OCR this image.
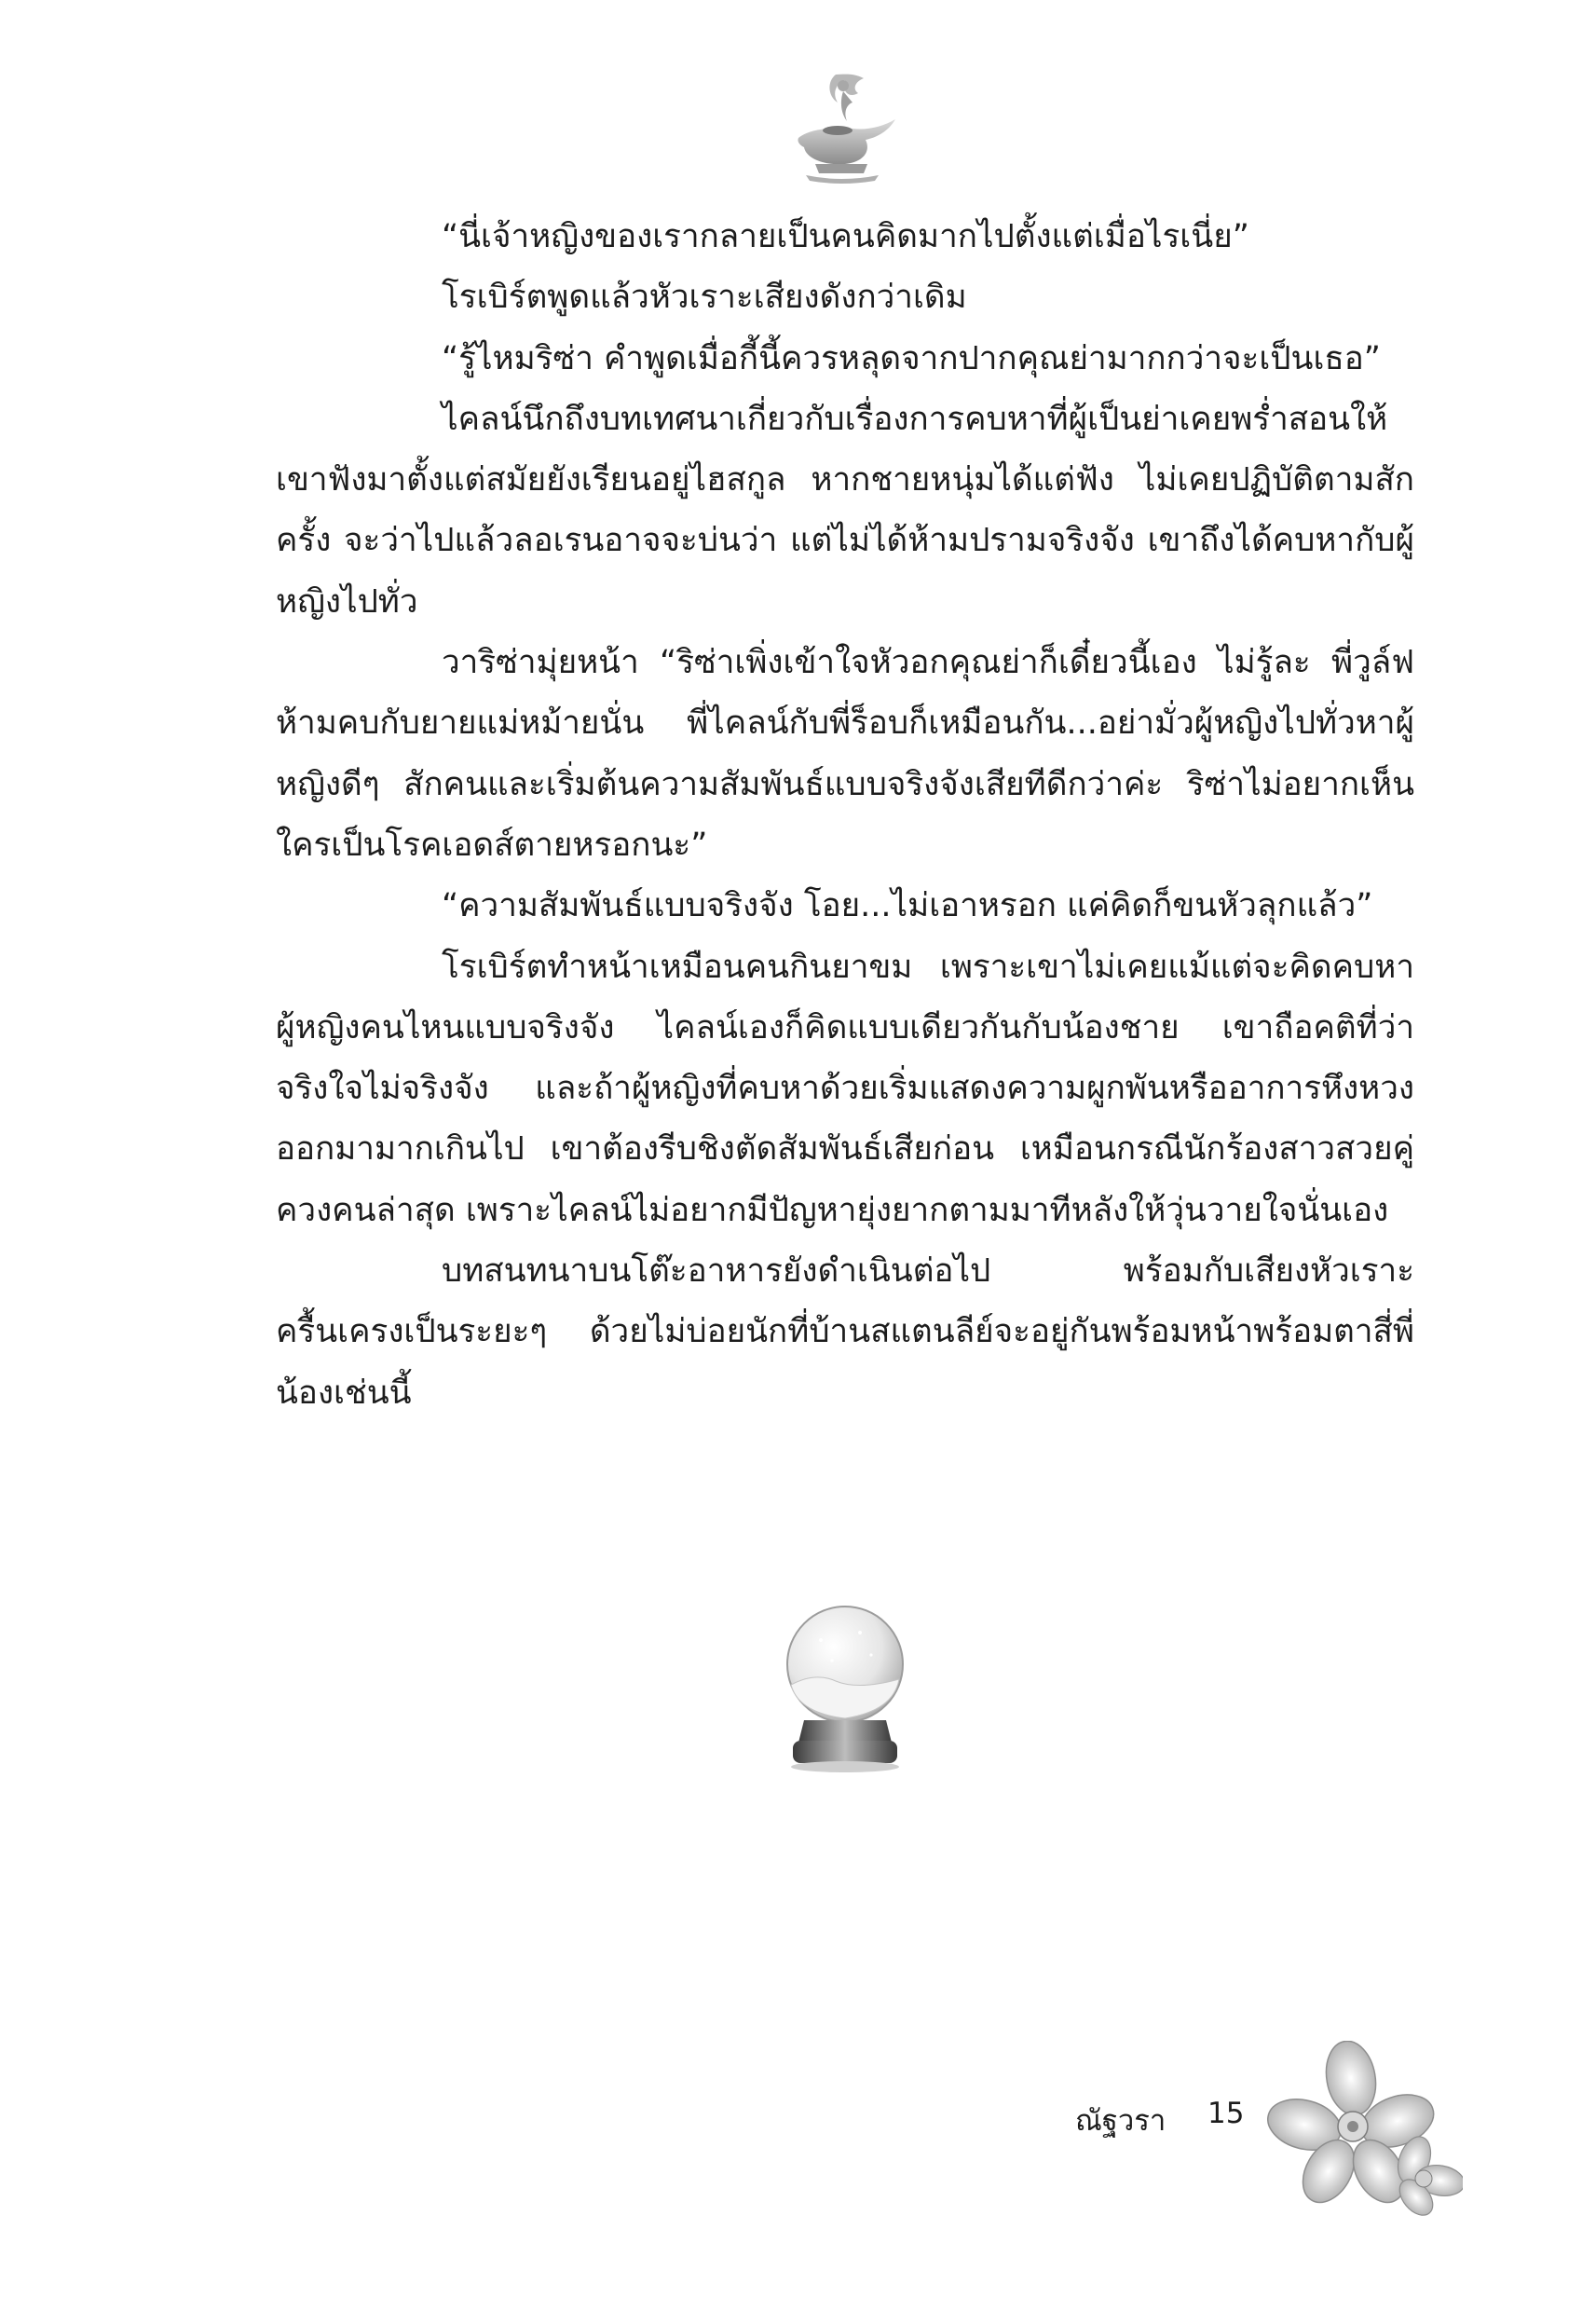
“นี่เจ้าหญิงของเรากลายเป็นคนคิดมากไปตั้งแต่เมื่อไรเนี่ย”

โรเบิร์ตพูดแล้วหัวเราะเสียงดังกว่าเดิม

“รู้ไหมริซ่า คำพูดเมื่อกี้นี้ควรหลุดจากปากคุณย่ามากกว่าจะเป็นเธอ”

ไคลน์นึกถึงบทเทศนาเกี่ยวกับเรื่องการคบหาที่ผู้เป็นย่าเคยพร่ำสอนให้เขาฟังมาตั้งแต่สมัยยังเรียนอยู่ไฮสกูล หากชายหนุ่มได้แต่ฟัง ไม่เคยปฏิบัติตามสักครั้ง จะว่าไปแล้วลอเรนอาจจะบ่นว่า แต่ไม่ได้ห้ามปรามจริงจัง เขาถึงได้คบหากับผู้หญิงไปทั่ว

วาริซ่ามุ่ยหน้า “ริซ่าเพิ่งเข้าใจหัวอกคุณย่าก็เดี๋ยวนี้เอง ไม่รู้ละ พี่วูล์ฟห้ามคบกับยายแม่หม้ายนั่น พี่ไคลน์กับพี่ร็อบก็เหมือนกัน...อย่ามั่วผู้หญิงไปทั่วหาผู้หญิงดีๆ สักคนและเริ่มต้นความสัมพันธ์แบบจริงจังเสียทีดีกว่าค่ะ ริซ่าไม่อยากเห็นใครเป็นโรคเอดส์ตายหรอกนะ”

“ความสัมพันธ์แบบจริงจัง โอย...ไม่เอาหรอก แค่คิดก็ขนหัวลุกแล้ว”

โรเบิร์ตทำหน้าเหมือนคนกินยาขม เพราะเขาไม่เคยแม้แต่จะคิดคบหาผู้หญิงคนไหนแบบจริงจัง ไคลน์เองก็คิดแบบเดียวกันกับน้องชาย เขาถือคติที่ว่าจริงใจไม่จริงจัง และถ้าผู้หญิงที่คบหาด้วยเริ่มแสดงความผูกพันหรืออาการหึงหวงออกมามากเกินไป เขาต้องรีบชิงตัดสัมพันธ์เสียก่อน เหมือนกรณีนักร้องสาวสวยคู่ควงคนล่าสุด เพราะไคลน์ไม่อยากมีปัญหายุ่งยากตามมาทีหลังให้วุ่นวายใจนั่นเอง

บทสนทนาบนโต๊ะอาหารยังดำเนินต่อไป พร้อมกับเสียงหัวเราะครื้นเครงเป็นระยะๆ ด้วยไม่บ่อยนักที่บ้านสแตนลีย์จะอยู่กันพร้อมหน้าพร้อมตาสี่พี่น้องเช่นนี้

ณัฐวรา 15
